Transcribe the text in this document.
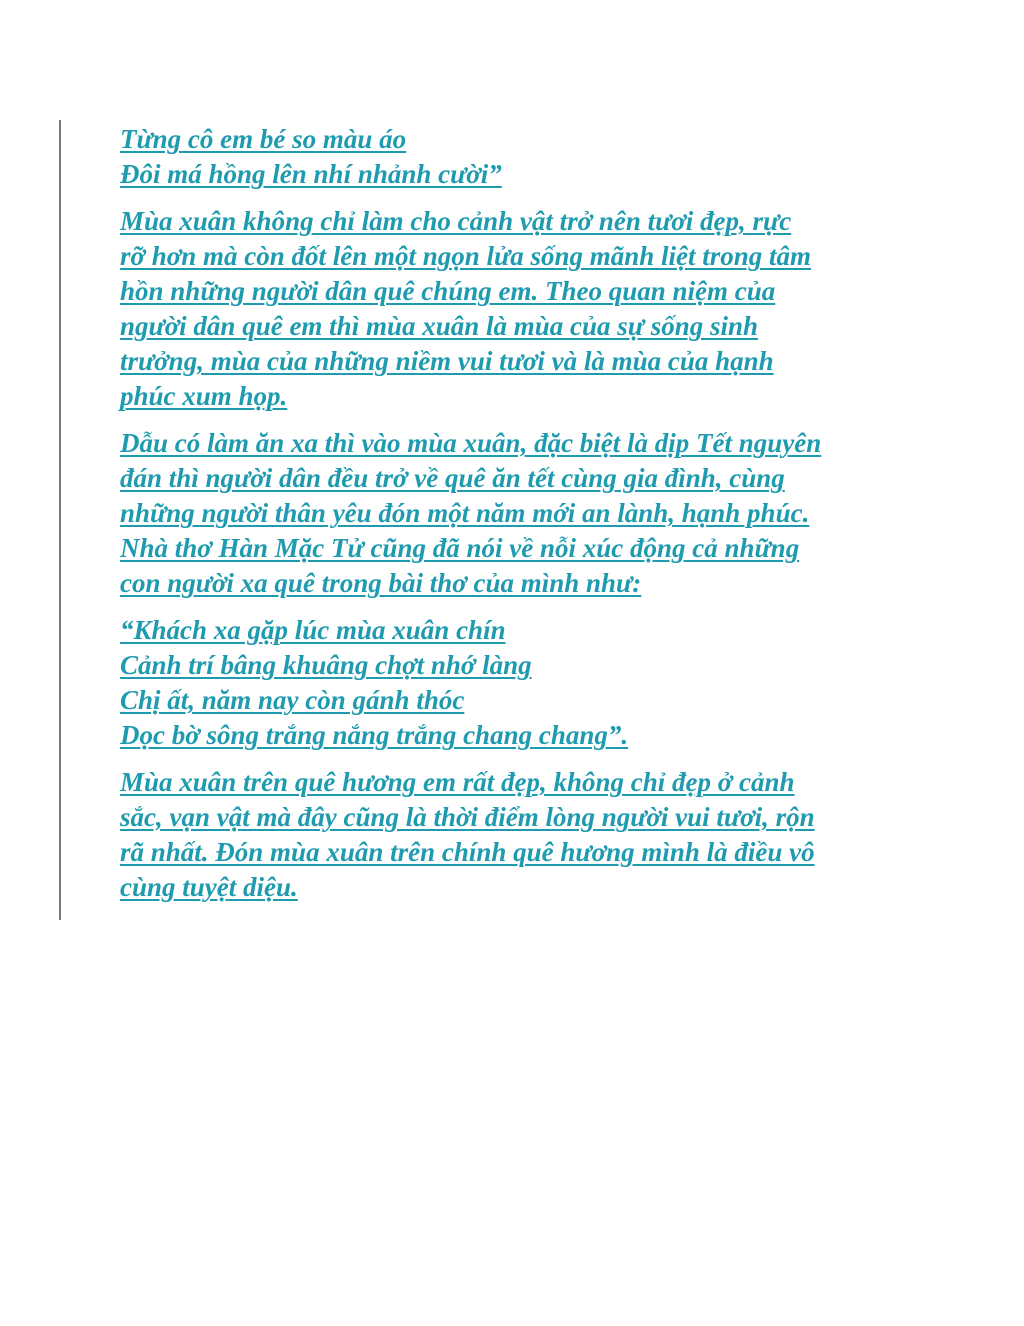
Từng cô em bé so màu áo
Đôi má hồng lên nhí nhảnh cười”

Mùa xuân không chỉ làm cho cảnh vật trở nên tươi đẹp, rực
rỡ hơn mà còn đốt lên một ngọn lửa sống mãnh liệt trong tâm
hồn những người dân quê chúng em. Theo quan niệm của
người dân quê em thì mùa xuân là mùa của sự sống sinh
trưởng, mùa của những niềm vui tươi và là mùa của hạnh
phúc xum họp.

Dẫu có làm ăn xa thì vào mùa xuân, đặc biệt là dịp Tết nguyên
đán thì người dân đều trở về quê ăn tết cùng gia đình, cùng
những người thân yêu đón một năm mới an lành, hạnh phúc.
Nhà thơ Hàn Mặc Tử cũng đã nói về nỗi xúc động cả những
con người xa quê trong bài thơ của mình như:

“Khách xa gặp lúc mùa xuân chín
Cảnh trí bâng khuâng chợt nhớ làng
Chị ất, năm nay còn gánh thóc
Dọc bờ sông trắng nắng trắng chang chang”.

Mùa xuân trên quê hương em rất đẹp, không chỉ đẹp ở cảnh
sắc, vạn vật mà đây cũng là thời điểm lòng người vui tươi, rộn
rã nhất. Đón mùa xuân trên chính quê hương mình là điều vô
cùng tuyệt diệu.
